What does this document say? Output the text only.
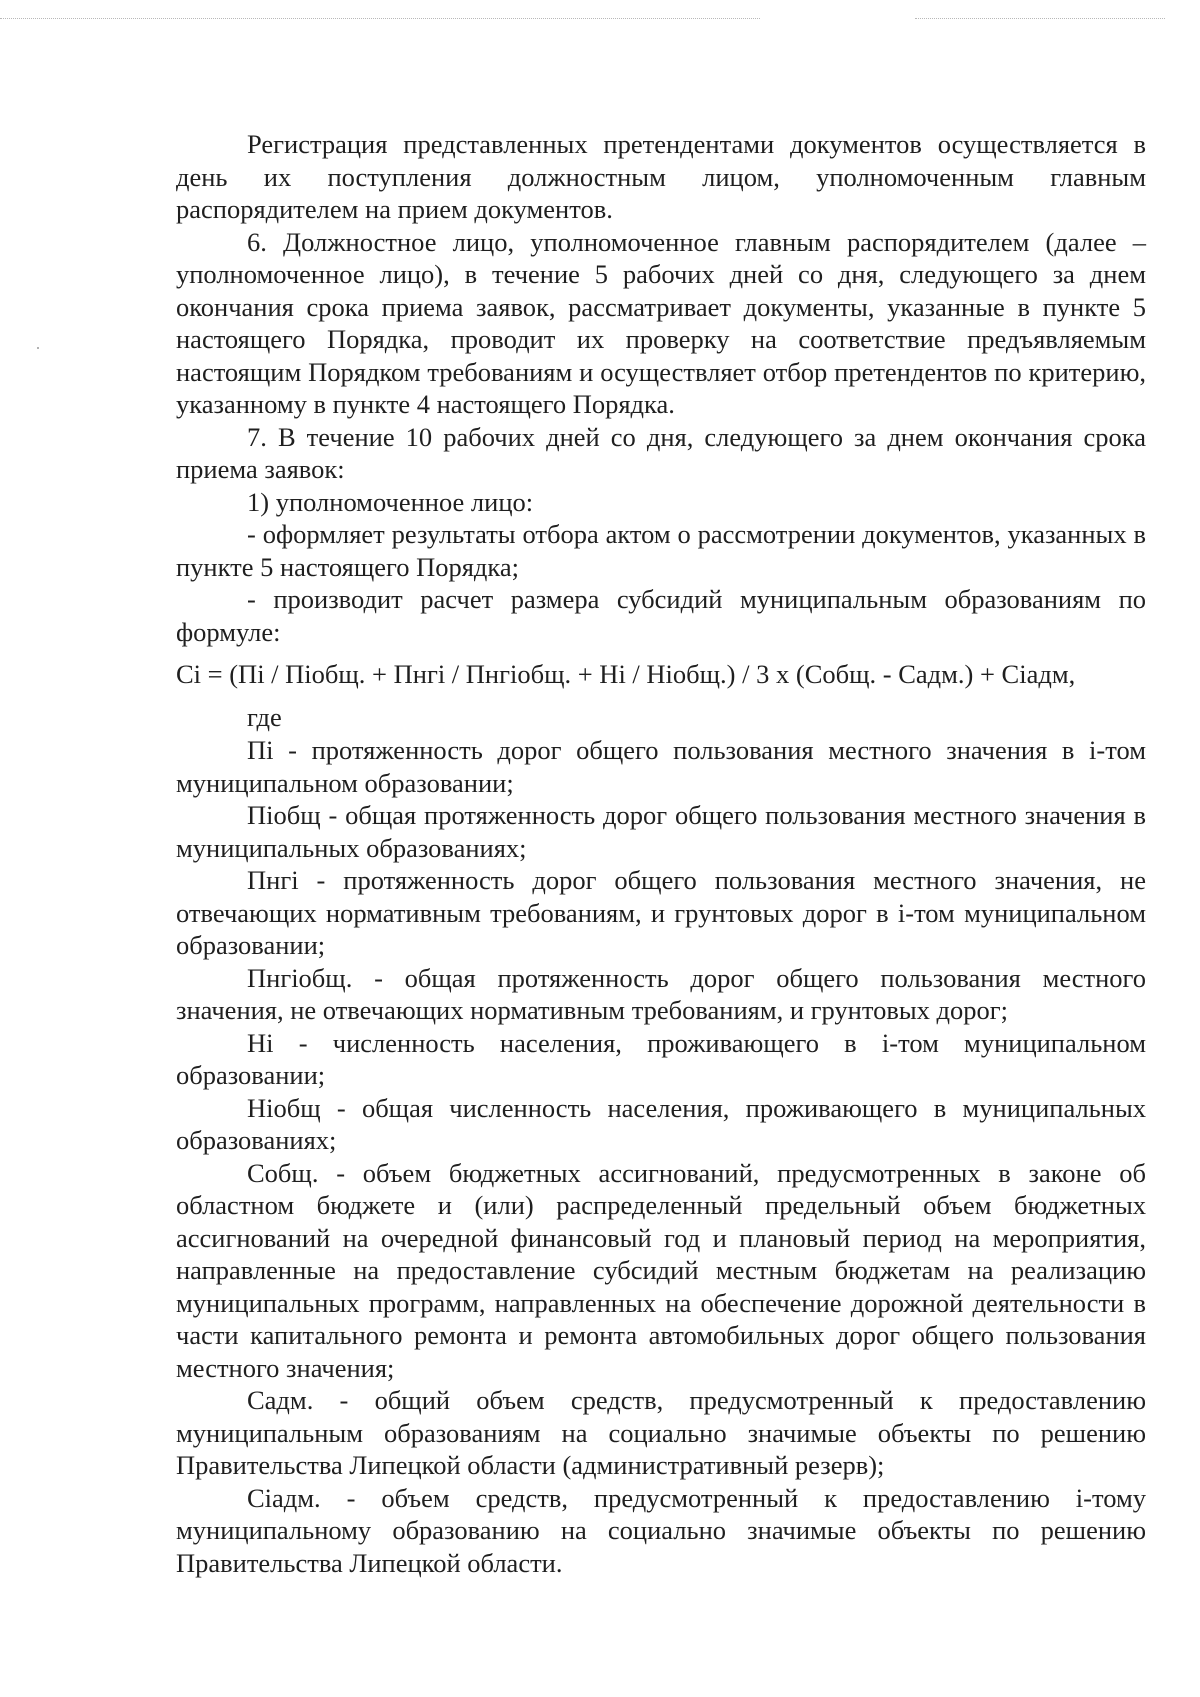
Регистрация представленных претендентами документов осуществляется в день их поступления должностным лицом, уполномоченным главным распорядителем на прием документов.

6. Должностное лицо, уполномоченное главным распорядителем (далее – уполномоченное лицо), в течение 5 рабочих дней со дня, следующего за днем окончания срока приема заявок, рассматривает документы, указанные в пункте 5 настоящего Порядка, проводит их проверку на соответствие предъявляемым настоящим Порядком требованиям и осуществляет отбор претендентов по критерию, указанному в пункте 4 настоящего Порядка.

7. В течение 10 рабочих дней со дня, следующего за днем окончания срока приема заявок:

1) уполномоченное лицо:

- оформляет результаты отбора актом о рассмотрении документов, указанных в пункте 5 настоящего Порядка;

- производит расчет размера субсидий муниципальным образованиям по формуле:

Сi = (Пi / Пiобщ. + Пнгi / Пнгiобщ. + Нi / Нiобщ.) / 3 х (Собщ. - Садм.) + Сiадм,

где

Пi - протяженность дорог общего пользования местного значения в i-том муниципальном образовании;

Пiобщ - общая протяженность дорог общего пользования местного значения в муниципальных образованиях;

Пнгi - протяженность дорог общего пользования местного значения, не отвечающих нормативным требованиям, и грунтовых дорог в i-том муниципальном образовании;

Пнгiобщ. - общая протяженность дорог общего пользования местного значения, не отвечающих нормативным требованиям, и грунтовых дорог;

Нi - численность населения, проживающего в i-том муниципальном образовании;

Нiобщ - общая численность населения, проживающего в муниципальных образованиях;

Собщ. - объем бюджетных ассигнований, предусмотренных в законе об областном бюджете и (или) распределенный предельный объем бюджетных ассигнований на очередной финансовый год и плановый период на мероприятия, направленные на предоставление субсидий местным бюджетам на реализацию муниципальных программ, направленных на обеспечение дорожной деятельности в части капитального ремонта и ремонта автомобильных дорог общего пользования местного значения;

Садм. - общий объем средств, предусмотренный к предоставлению муниципальным образованиям на социально значимые объекты по решению Правительства Липецкой области (административный резерв);

Сiадм. - объем средств, предусмотренный к предоставлению i-тому муниципальному образованию на социально значимые объекты по решению Правительства Липецкой области.
